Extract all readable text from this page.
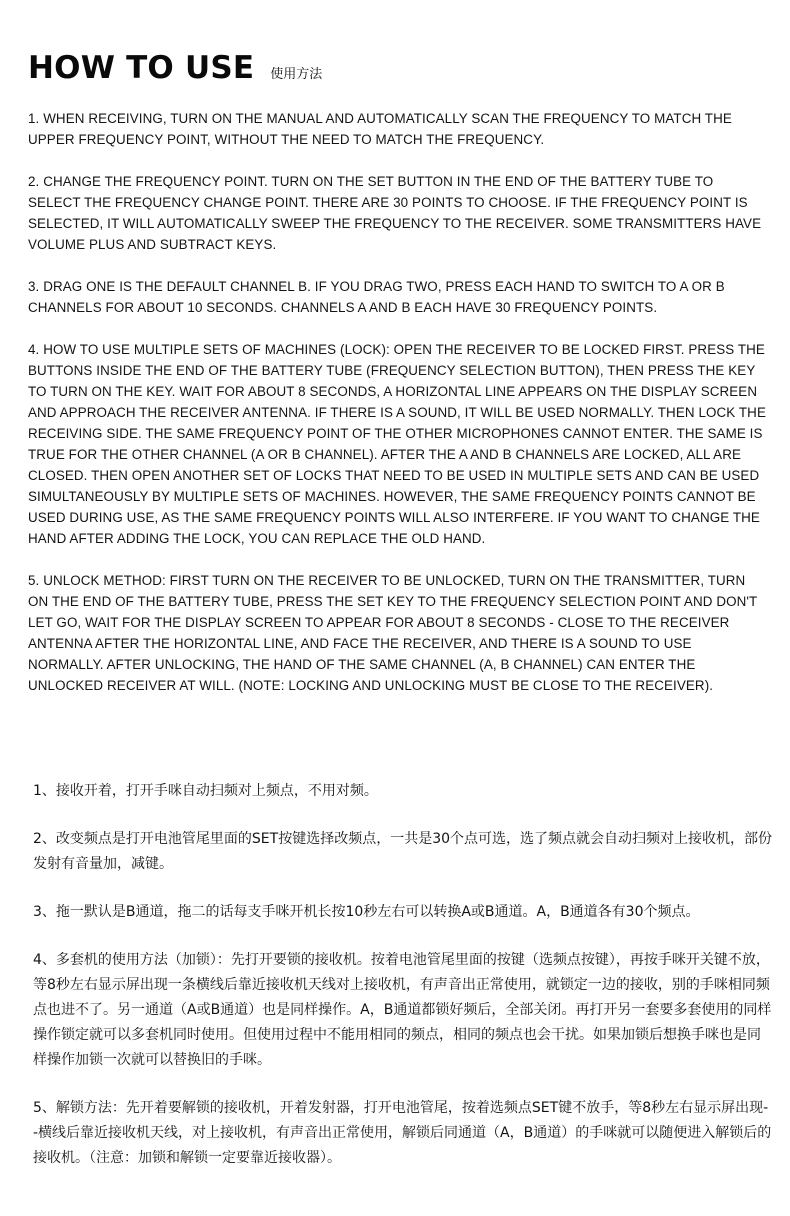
HOW TO USE 使用方法

1. WHEN RECEIVING, TURN ON THE MANUAL AND AUTOMATICALLY SCAN THE FREQUENCY TO MATCH THE UPPER FREQUENCY POINT, WITHOUT THE NEED TO MATCH THE FREQUENCY.

2. CHANGE THE FREQUENCY POINT. TURN ON THE SET BUTTON IN THE END OF THE BATTERY TUBE TO SELECT THE FREQUENCY CHANGE POINT. THERE ARE 30 POINTS TO CHOOSE. IF THE FREQUENCY POINT IS SELECTED, IT WILL AUTOMATICALLY SWEEP THE FREQUENCY TO THE RECEIVER. SOME TRANSMITTERS HAVE VOLUME PLUS AND SUBTRACT KEYS.

3. DRAG ONE IS THE DEFAULT CHANNEL B. IF YOU DRAG TWO, PRESS EACH HAND TO SWITCH TO A OR B CHANNELS FOR ABOUT 10 SECONDS. CHANNELS A AND B EACH HAVE 30 FREQUENCY POINTS.

4. HOW TO USE MULTIPLE SETS OF MACHINES (LOCK): OPEN THE RECEIVER TO BE LOCKED FIRST. PRESS THE BUTTONS INSIDE THE END OF THE BATTERY TUBE (FREQUENCY SELECTION BUTTON), THEN PRESS THE KEY TO TURN ON THE KEY. WAIT FOR ABOUT 8 SECONDS, A HORIZONTAL LINE APPEARS ON THE DISPLAY SCREEN AND APPROACH THE RECEIVER ANTENNA. IF THERE IS A SOUND, IT WILL BE USED NORMALLY. THEN LOCK THE RECEIVING SIDE. THE SAME FREQUENCY POINT OF THE OTHER MICROPHONES CANNOT ENTER. THE SAME IS TRUE FOR THE OTHER CHANNEL (A OR B CHANNEL). AFTER THE A AND B CHANNELS ARE LOCKED, ALL ARE CLOSED. THEN OPEN ANOTHER SET OF LOCKS THAT NEED TO BE USED IN MULTIPLE SETS AND CAN BE USED SIMULTANEOUSLY BY MULTIPLE SETS OF MACHINES. HOWEVER, THE SAME FREQUENCY POINTS CANNOT BE USED DURING USE, AS THE SAME FREQUENCY POINTS WILL ALSO INTERFERE. IF YOU WANT TO CHANGE THE HAND AFTER ADDING THE LOCK, YOU CAN REPLACE THE OLD HAND.

5. UNLOCK METHOD: FIRST TURN ON THE RECEIVER TO BE UNLOCKED, TURN ON THE TRANSMITTER, TURN ON THE END OF THE BATTERY TUBE, PRESS THE SET KEY TO THE FREQUENCY SELECTION POINT AND DON'T LET GO, WAIT FOR THE DISPLAY SCREEN TO APPEAR FOR ABOUT 8 SECONDS - CLOSE TO THE RECEIVER ANTENNA AFTER THE HORIZONTAL LINE, AND FACE THE RECEIVER, AND THERE IS A SOUND TO USE NORMALLY. AFTER UNLOCKING, THE HAND OF THE SAME CHANNEL (A, B CHANNEL) CAN ENTER THE UNLOCKED RECEIVER AT WILL. (NOTE: LOCKING AND UNLOCKING MUST BE CLOSE TO THE RECEIVER).

1、接收开着，打开手咪自动扫频对上频点，不用对频。

2、改变频点是打开电池管尾里面的SET按键选择改频点，一共是30个点可选，选了频点就会自动扫频对上接收机，部份发射有音量加，减键。

3、拖一默认是B通道，拖二的话每支手咪开机长按10秒左右可以转换A或B通道。A，B通道各有30个频点。

4、多套机的使用方法（加锁）：先打开要锁的接收机。按着电池管尾里面的按键（选频点按键），再按手咪开关键不放，等8秒左右显示屏出现一条横线后靠近接收机天线对上接收机，有声音出正常使用，就锁定一边的接收，别的手咪相同频点也进不了。另一通道（A或B通道）也是同样操作。A，B通道都锁好频后，全部关闭。再打开另一套要多套使用的同样操作锁定就可以多套机同时使用。但使用过程中不能用相同的频点，相同的频点也会干扰。如果加锁后想换手咪也是同样操作加锁一次就可以替换旧的手咪。

5、解锁方法：先开着要解锁的接收机，开着发射器，打开电池管尾，按着选频点SET键不放手，等8秒左右显示屏出现--横线后靠近接收机天线，对上接收机，有声音出正常使用，解锁后同通道（A，B通道）的手咪就可以随便进入解锁后的接收机。（注意：加锁和解锁一定要靠近接收器）。
